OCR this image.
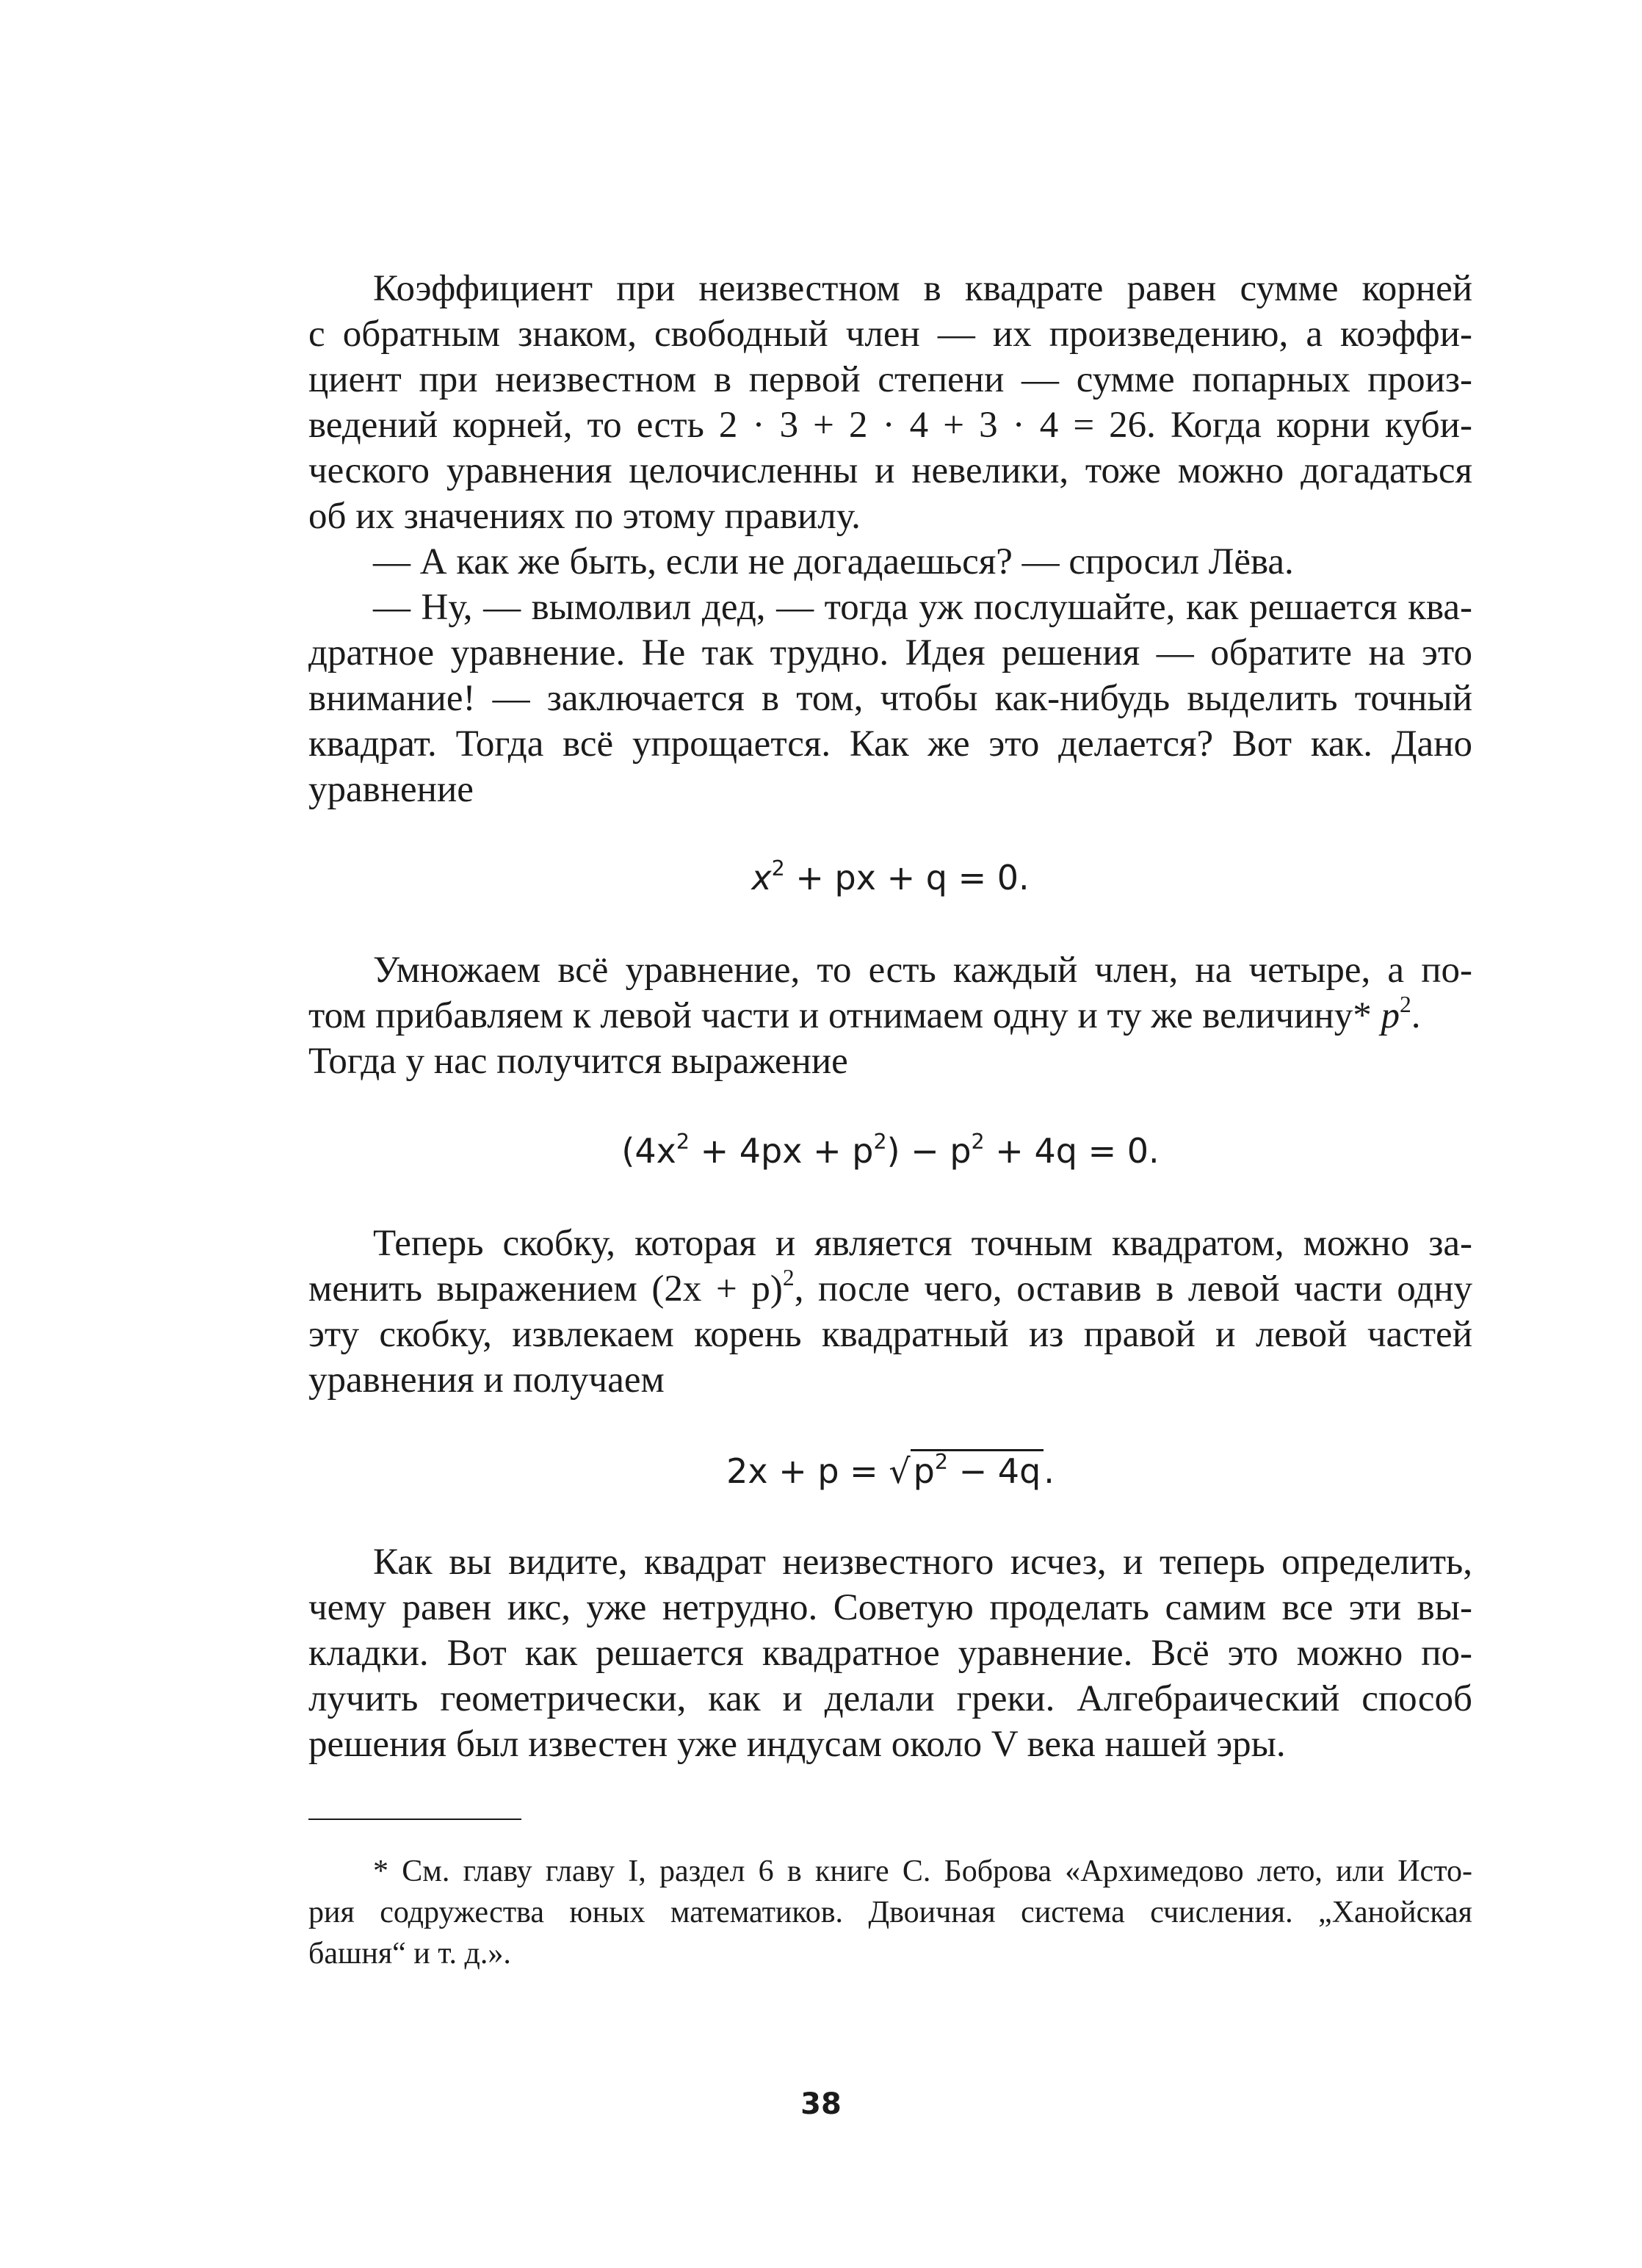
Коэффициент при неизвестном в квадрате равен сумме корней
с обратным знаком, свободный член — их произведению, а коэффи-
циент при неизвестном в первой степени — сумме попарных произ-
ведений корней, то есть 2 · 3 + 2 · 4 + 3 · 4 = 26. Когда корни куби-
ческого уравнения целочисленны и невелики, тоже можно догадаться
об их значениях по этому правилу.
— А как же быть, если не догадаешься? — спросил Лёва.
— Ну, — вымолвил дед, — тогда уж послушайте, как решается ква-
дратное уравнение. Не так трудно. Идея решения — обратите на это
внимание! — заключается в том, чтобы как-нибудь выделить точный
квадрат. Тогда всё упрощается. Как же это делается? Вот как. Дано
уравнение
$x^2$ + px + q = 0.
Умножаем всё уравнение, то есть каждый член, на четыре, а по-
том прибавляем к левой части и отнимаем одну и ту же величину* $p^2$.
Тогда у нас получится выражение
$(4x^2 + 4px + p^2) - p^2 + 4q = 0$.
Теперь скобку, которая и является точным квадратом, можно за-
менить выражением $(2x + p)^2$, после чего, оставив в левой части одну
эту скобку, извлекаем корень квадратный из правой и левой частей
уравнения и получаем
$2x + p = √p^2 - 4q$.
Как вы видите, квадрат неизвестного исчез, и теперь определить,
чему равен икс, уже нетрудно. Советую проделать самим все эти вы-
кладки. Вот как решается квадратное уравнение. Всё это можно по-
лучить геометрически, как и делали греки. Алгебраический способ
решения был известен уже индусам около V века нашей эры.
* См. главу главу I, раздел 6 в книге С. Боброва «Архимедово лето, или Исто-
рия содружества юных математиков. Двоичная система счисления. „Ханойская
башня“ и т. д.».
38
